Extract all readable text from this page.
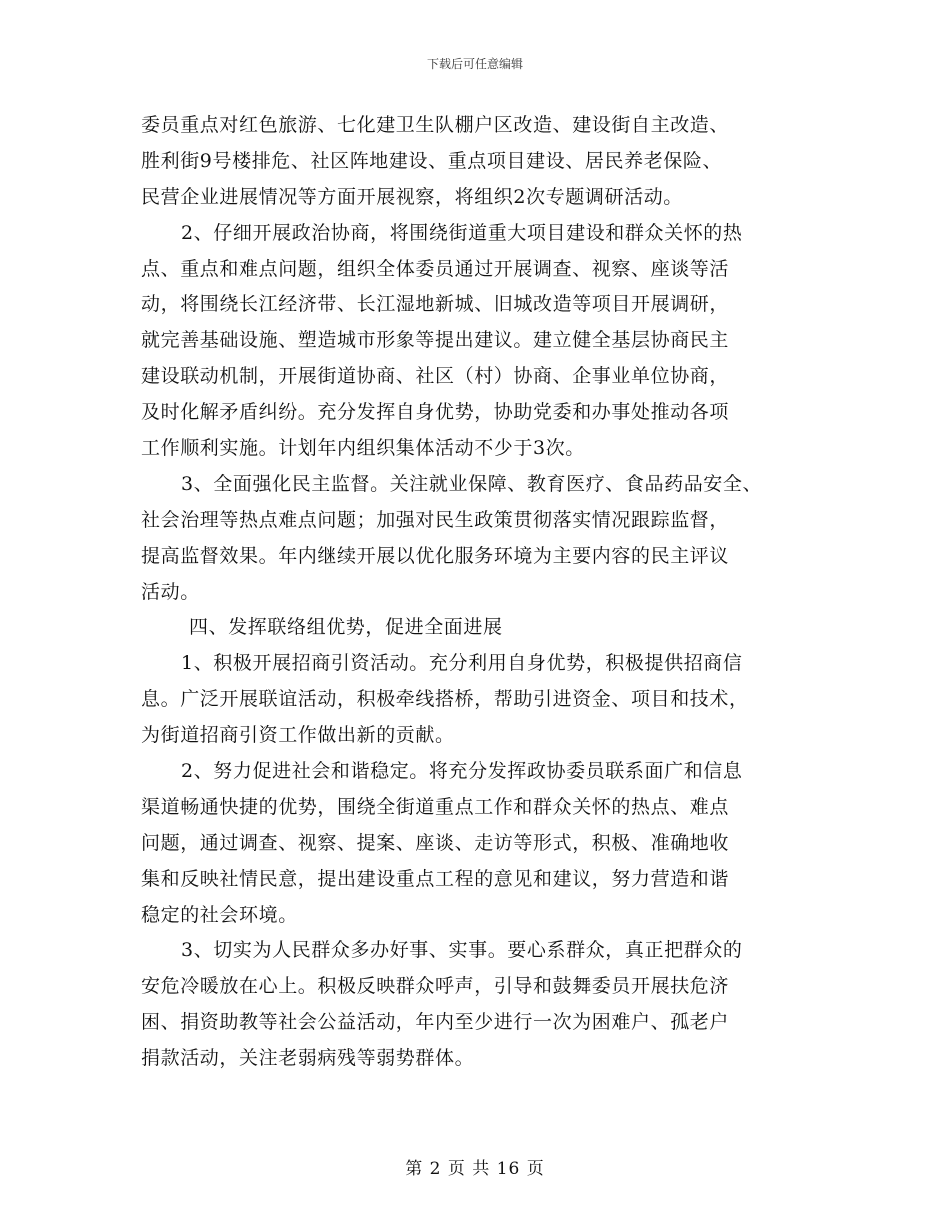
下载后可任意编辑
委员重点对红色旅游、七化建卫生队棚户区改造、建设街自主改造、
胜利街9号楼排危、社区阵地建设、重点项目建设、居民养老保险、
民营企业进展情况等方面开展视察，将组织2次专题调研活动。
2、仔细开展政治协商，将围绕街道重大项目建设和群众关怀的热
点、重点和难点问题，组织全体委员通过开展调查、视察、座谈等活
动，将围绕长江经济带、长江湿地新城、旧城改造等项目开展调研，
就完善基础设施、塑造城市形象等提出建议。建立健全基层协商民主
建设联动机制，开展街道协商、社区（村）协商、企事业单位协商，
及时化解矛盾纠纷。充分发挥自身优势，协助党委和办事处推动各项
工作顺利实施。计划年内组织集体活动不少于3次。
3、全面强化民主监督。关注就业保障、教育医疗、食品药品安全、
社会治理等热点难点问题；加强对民生政策贯彻落实情况跟踪监督，
提高监督效果。年内继续开展以优化服务环境为主要内容的民主评议
活动。
四、发挥联络组优势，促进全面进展
1、积极开展招商引资活动。充分利用自身优势，积极提供招商信
息。广泛开展联谊活动，积极牵线搭桥，帮助引进资金、项目和技术，
为街道招商引资工作做出新的贡献。
2、努力促进社会和谐稳定。将充分发挥政协委员联系面广和信息
渠道畅通快捷的优势，围绕全街道重点工作和群众关怀的热点、难点
问题，通过调查、视察、提案、座谈、走访等形式，积极、准确地收
集和反映社情民意，提出建设重点工程的意见和建议，努力营造和谐
稳定的社会环境。
3、切实为人民群众多办好事、实事。要心系群众，真正把群众的
安危冷暖放在心上。积极反映群众呼声，引导和鼓舞委员开展扶危济
困、捐资助教等社会公益活动，年内至少进行一次为困难户、孤老户
捐款活动，关注老弱病残等弱势群体。
第 2 页 共 16 页
